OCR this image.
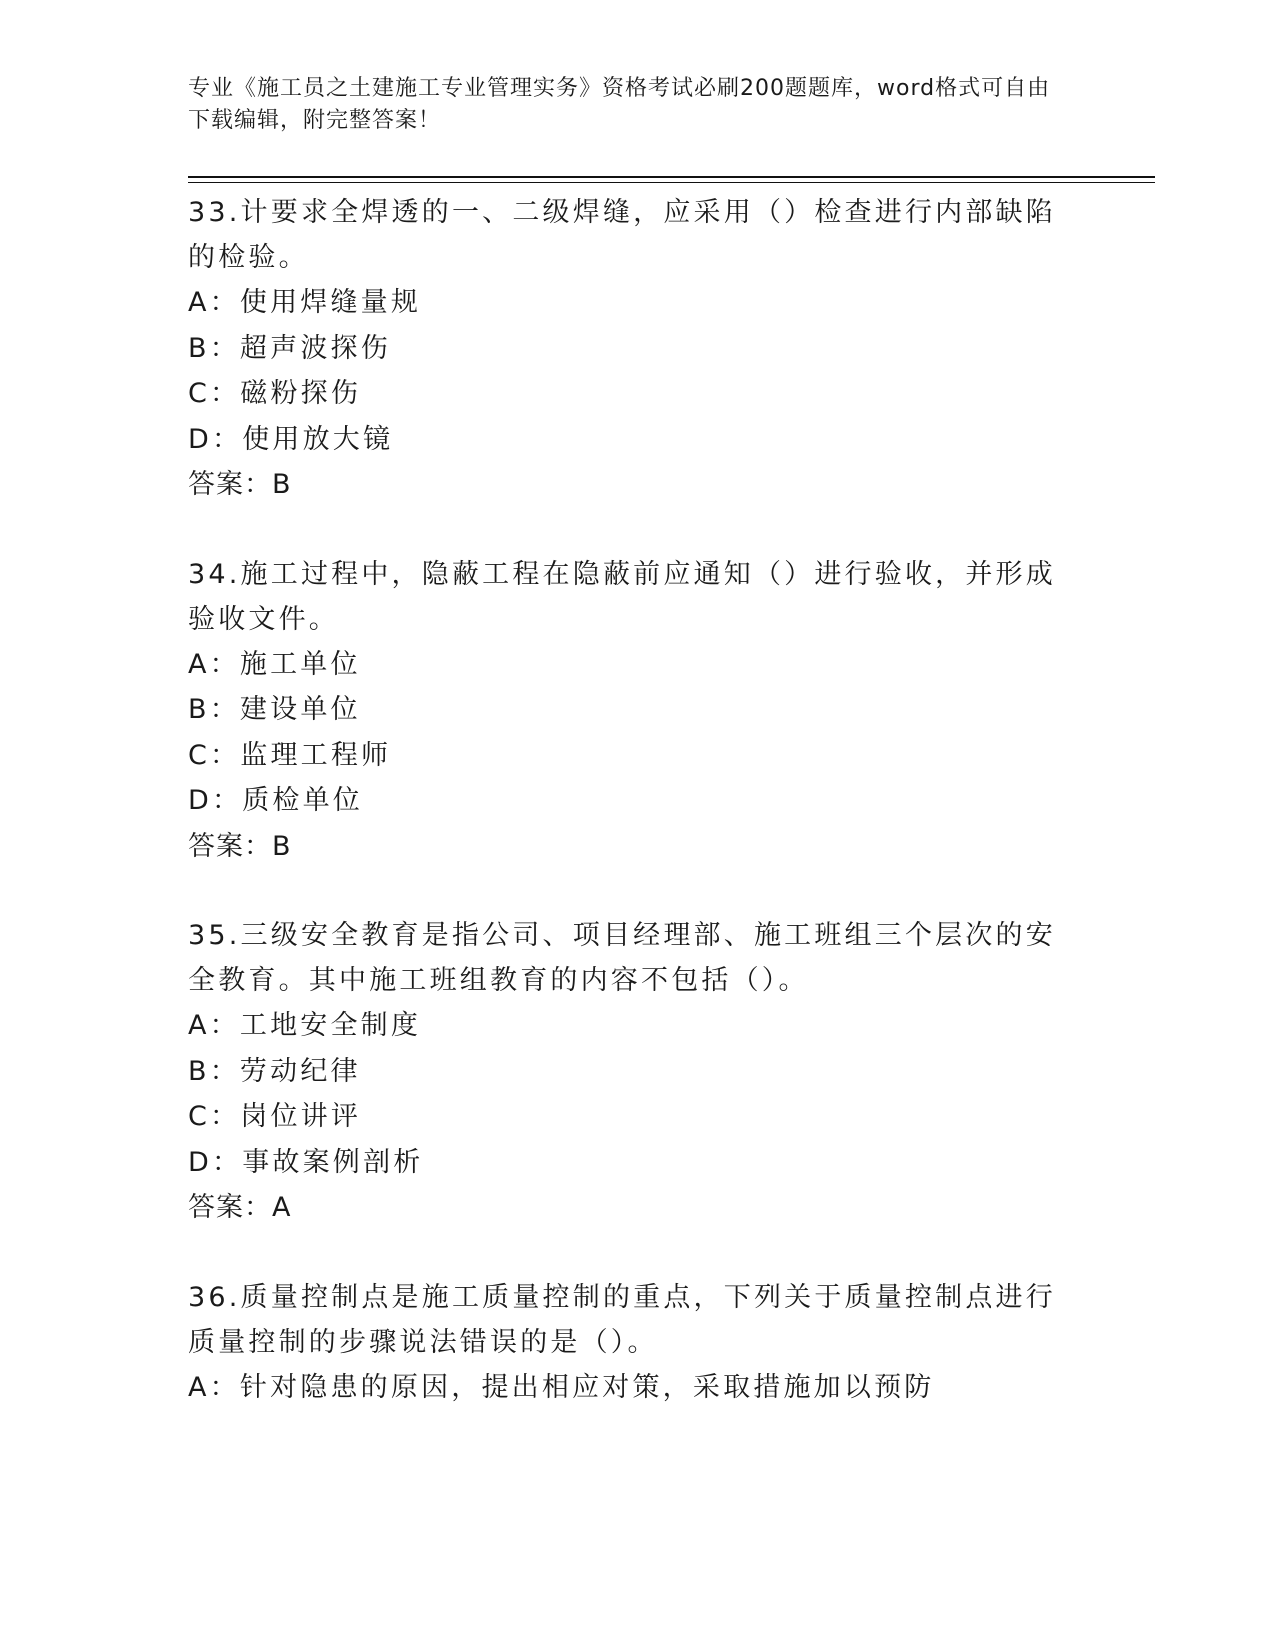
专业《施工员之土建施工专业管理实务》资格考试必刷200题题库，word格式可自由下载编辑，附完整答案！
33.计要求全焊透的一、二级焊缝，应采用（）检查进行内部缺陷的检验。
A：使用焊缝量规
B：超声波探伤
C：磁粉探伤
D：使用放大镜
答案：B
34.施工过程中，隐蔽工程在隐蔽前应通知（）进行验收，并形成验收文件。
A：施工单位
B：建设单位
C：监理工程师
D：质检单位
答案：B
35.三级安全教育是指公司、项目经理部、施工班组三个层次的安全教育。其中施工班组教育的内容不包括（）。
A：工地安全制度
B：劳动纪律
C：岗位讲评
D：事故案例剖析
答案：A
36.质量控制点是施工质量控制的重点，下列关于质量控制点进行质量控制的步骤说法错误的是（）。
A：针对隐患的原因，提出相应对策，采取措施加以预防
